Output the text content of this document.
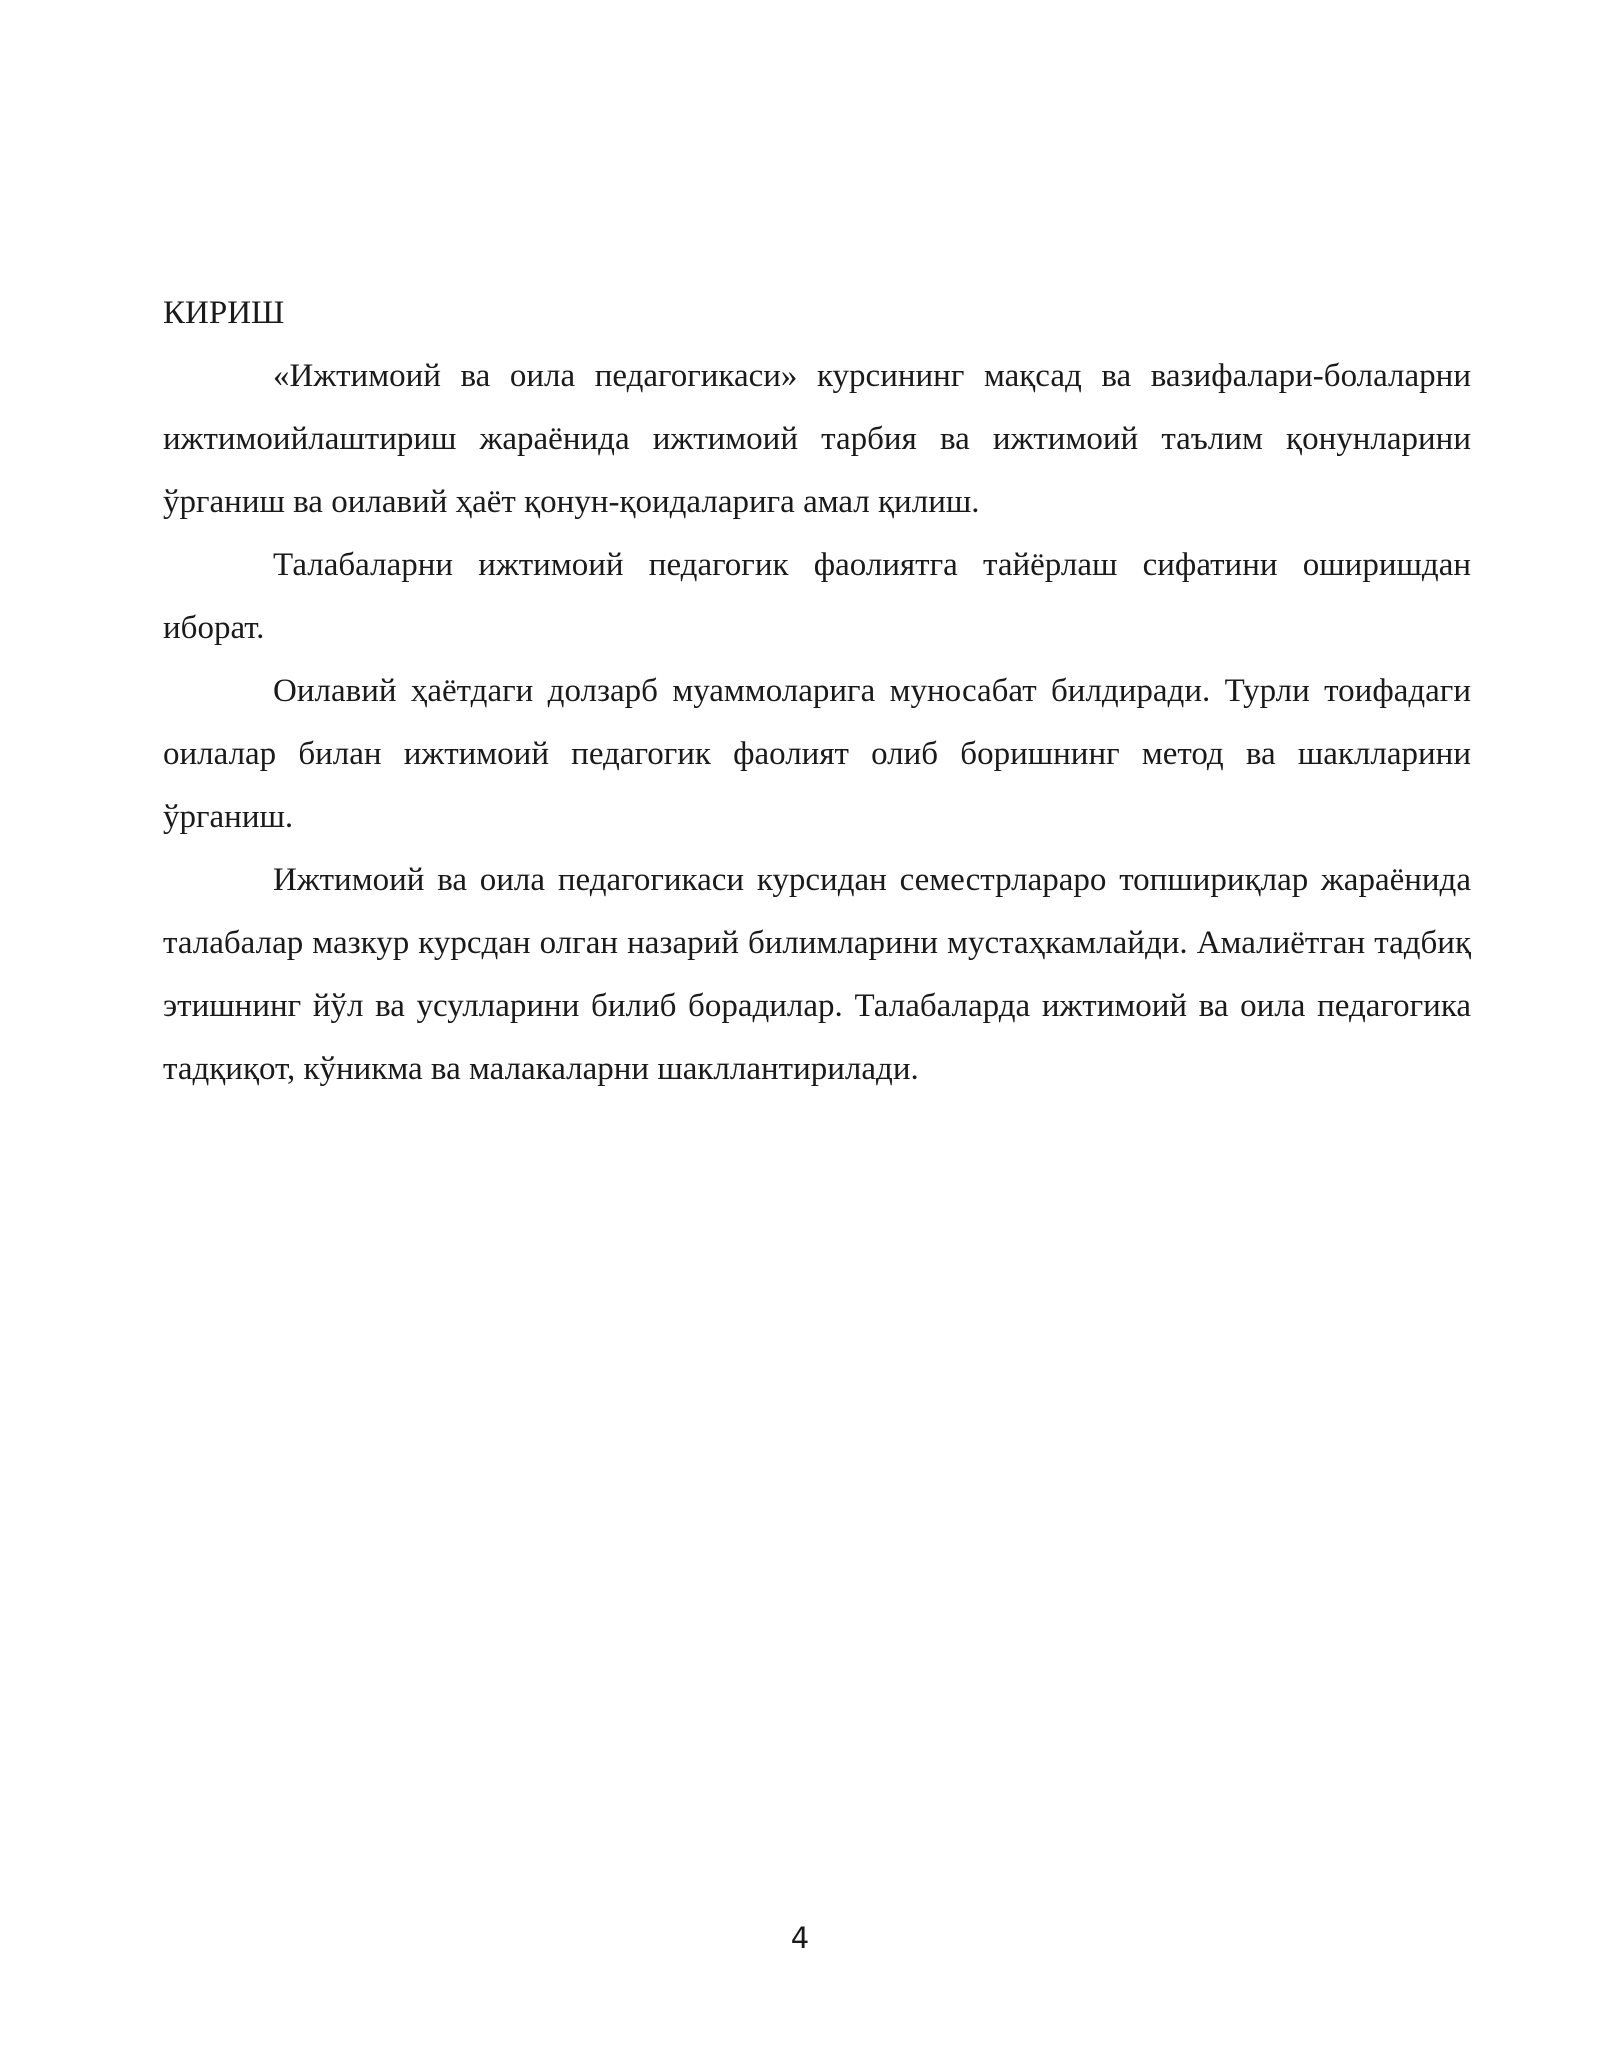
КИРИШ

«Ижтимоий ва оила педагогикаси» курсининг мақсад ва вазифалари-болаларни ижтимоийлаштириш жараёнида ижтимоий тарбия ва ижтимоий таълим қонунларини ўрганиш ва оилавий ҳаёт қонун-қоидаларига амал қилиш.

Талабаларни ижтимоий педагогик фаолиятга тайёрлаш сифатини оширишдан иборат.

Оилавий ҳаётдаги долзарб муаммоларига муносабат билдиради. Турли тоифадаги оилалар билан ижтимоий педагогик фаолият олиб боришнинг метод ва шаклларини ўрганиш.

Ижтимоий ва оила педагогикаси курсидан семестрлараро топшириқлар жараёнида талабалар мазкур курсдан олган назарий билимларини мустаҳкамлайди. Амалиётган тадбиқ этишнинг йўл ва усулларини билиб борадилар. Талабаларда ижтимоий ва оила педагогика тадқиқот, кўникма ва малакаларни шакллантирилади.

4
